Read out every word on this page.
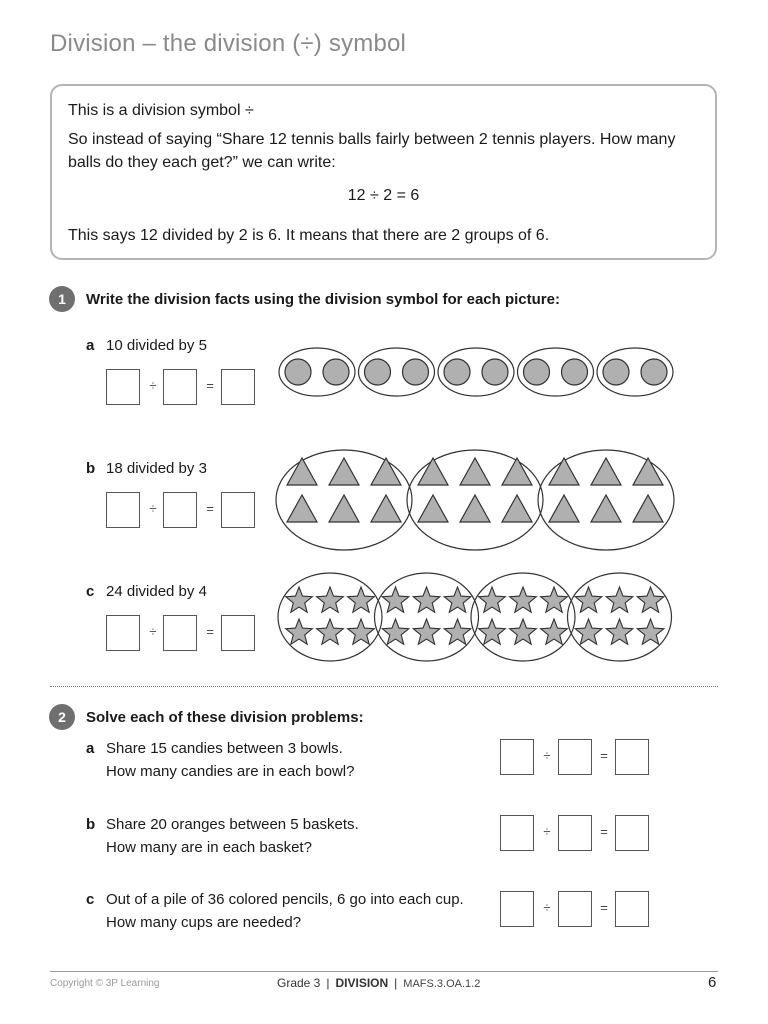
Division – the division (÷) symbol
This is a division symbol ÷
So instead of saying “Share 12 tennis balls fairly between 2 tennis players. How many balls do they each get?” we can write:
12 ÷ 2 = 6
This says 12 divided by 2 is 6. It means that there are 2 groups of 6.
1	Write the division facts using the division symbol for each picture:
a 10 divided by 5
÷	=
b 18 divided by 3
÷	=
c 24 divided by 4
÷	=
2	Solve each of these division problems:
a Share 15 candies between 3 bowls.
How many candies are in each bowl?
÷	=
b Share 20 oranges between 5 baskets.
How many are in each basket?
÷	=
c Out of a pile of 36 colored pencils, 6 go into each cup.
How many cups are needed?
÷	=
Copyright © 3P Learning	Grade 3 | DIVISION | MAFS.3.OA.1.2	6
